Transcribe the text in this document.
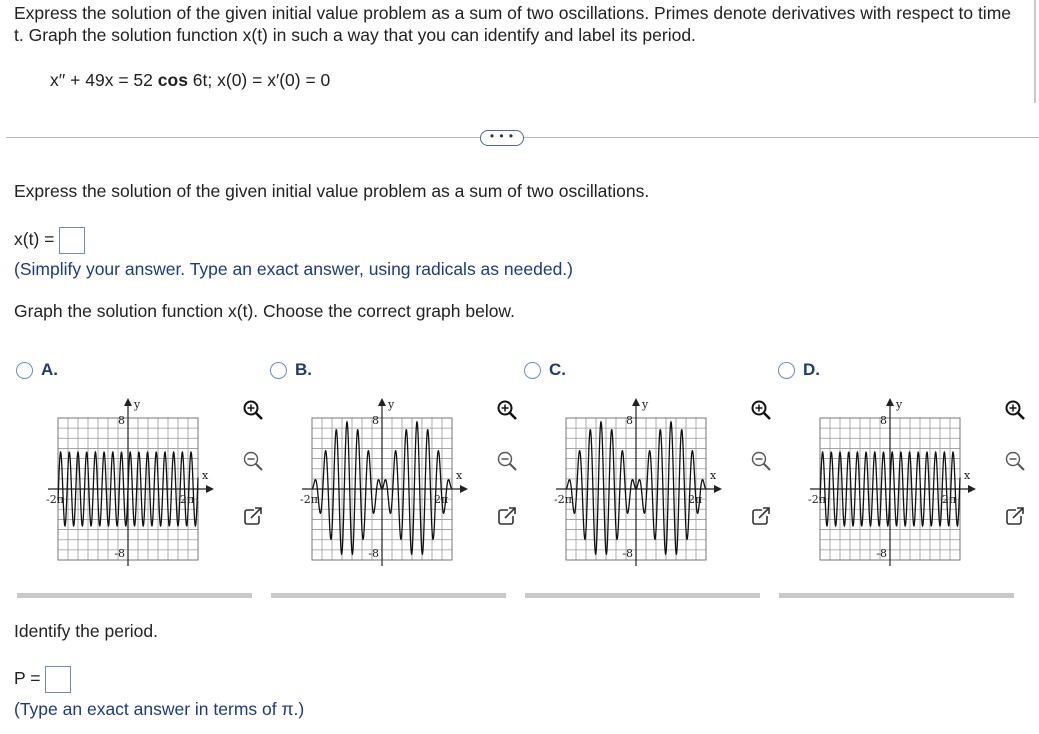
Express the solution of the given initial value problem as a sum of two oscillations. Primes denote derivatives with respect to time t. Graph the solution function x(t) in such a way that you can identify and label its period.
x′′ + 49x = 52 cos 6t; x(0) = x′(0) = 0
• • •
Express the solution of the given initial value problem as a sum of two oscillations.
x(t) =
(Simplify your answer. Type an exact answer, using radicals as needed.)
Graph the solution function x(t). Choose the correct graph below.
A.
y
x
8
-8
-2π	2π
B.
y
x
8
-8
-2π	2π
C.
y
x
8
-8
-2π	2π
D.
y
x
8
-8
-2π	2π
Identify the period.
P =
(Type an exact answer in terms of π.)
